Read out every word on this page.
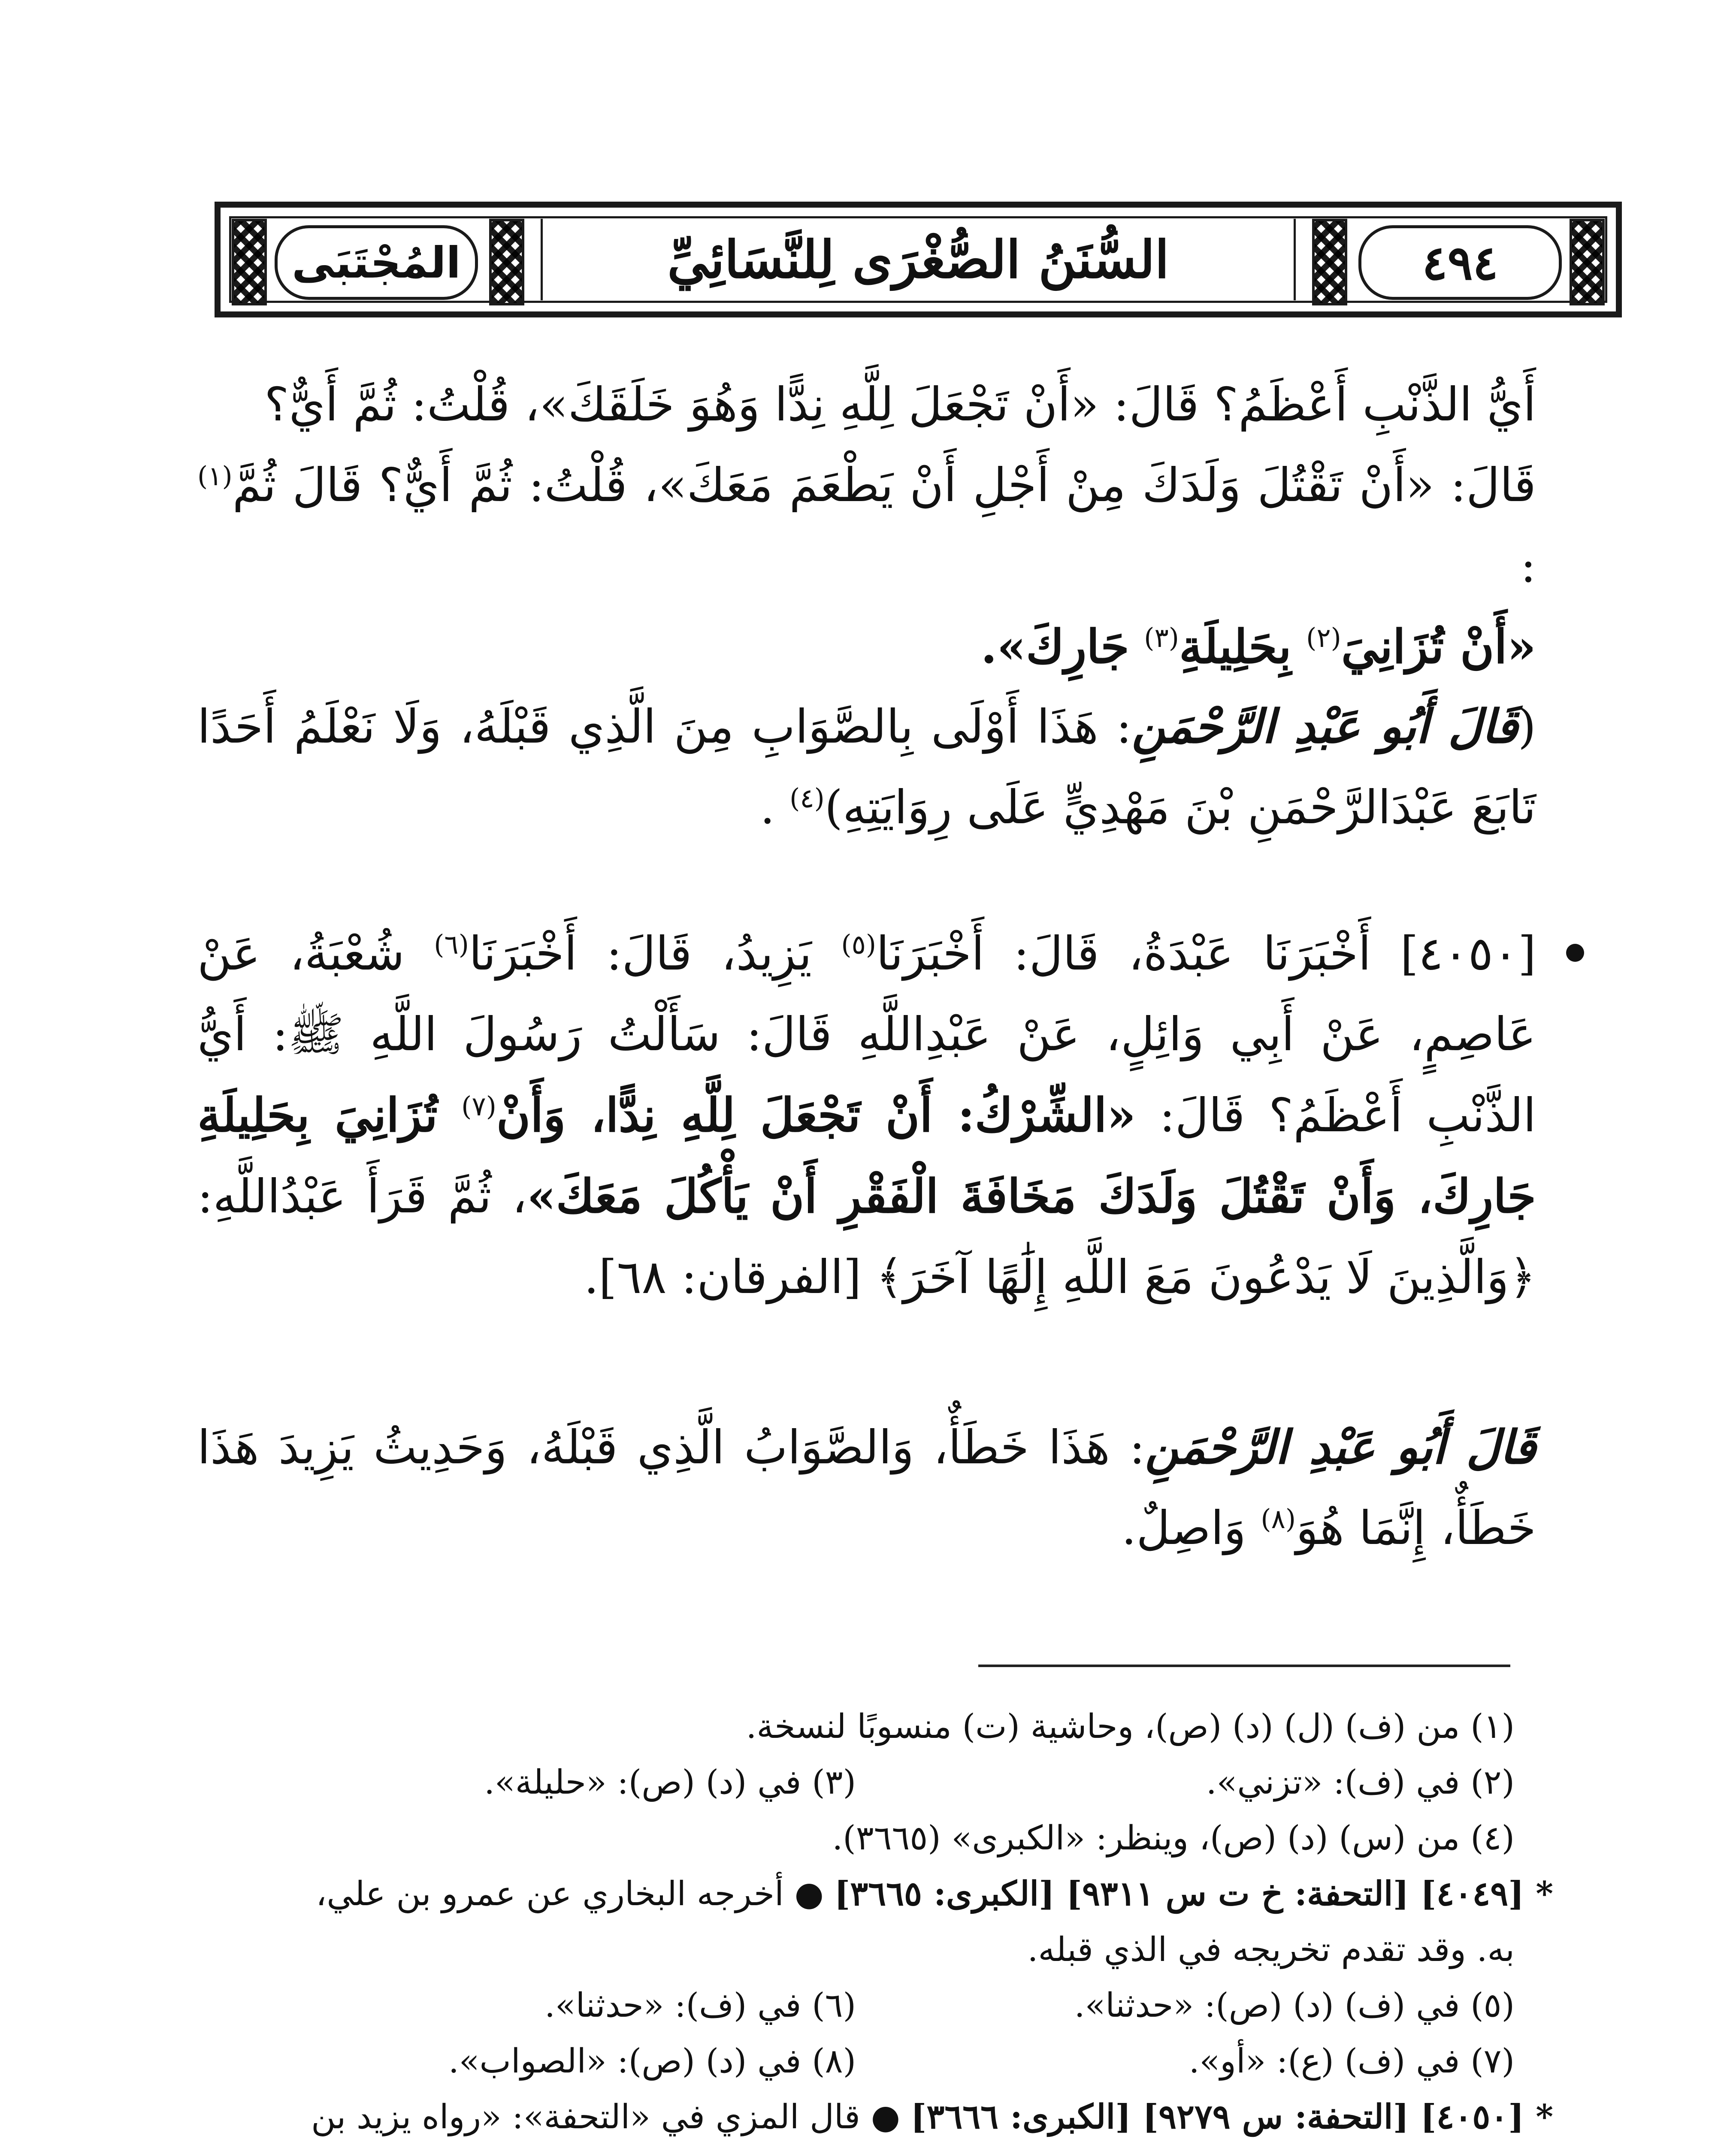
٤٩٤
السُّنَنُ الصُّغْرَى لِلنَّسَائِيِّ
المُجْتَبَى
أَيُّ الذَّنْبِ أَعْظَمُ؟ قَالَ: «أَنْ تَجْعَلَ لِلَّهِ نِدًّا وَهُوَ خَلَقَكَ»، قُلْتُ: ثُمَّ أَيٌّ؟
قَالَ: «أَنْ تَقْتُلَ وَلَدَكَ مِنْ أَجْلِ أَنْ يَطْعَمَ مَعَكَ»، قُلْتُ: ثُمَّ أَيٌّ؟ قَالَ ثُمَّ$^{(١)}$ :
«أَنْ تُزَانِيَ$^{(٢)}$ بِحَلِيلَةِ$^{(٣)}$ جَارِكَ».
(قَالَ أَبُو عَبْدِ الرَّحْمَنِ: هَذَا أَوْلَى بِالصَّوَابِ مِنَ الَّذِي قَبْلَهُ، وَلَا نَعْلَمُ أَحَدًا تَابَعَ عَبْدَالرَّحْمَنِ بْنَ مَهْدِيٍّ عَلَى رِوَايَتِهِ)$^{(٤)}$ .
[٤٠٥٠] أَخْبَرَنَا عَبْدَةُ، قَالَ: أَخْبَرَنَا$^{(٥)}$ يَزِيدُ، قَالَ: أَخْبَرَنَا$^{(٦)}$ شُعْبَةُ، عَنْ عَاصِمٍ، عَنْ أَبِي وَائِلٍ، عَنْ عَبْدِاللَّهِ قَالَ: سَأَلْتُ رَسُولَ اللَّهِ ﷺ: أَيُّ الذَّنْبِ أَعْظَمُ؟ قَالَ: «الشِّرْكُ: أَنْ تَجْعَلَ لِلَّهِ نِدًّا، وَأَنْ$^{(٧)}$ تُزَانِيَ بِحَلِيلَةِ جَارِكَ، وَأَنْ تَقْتُلَ وَلَدَكَ مَخَافَةَ الْفَقْرِ أَنْ يَأْكُلَ مَعَكَ»، ثُمَّ قَرَأَ عَبْدُاللَّهِ: ﴿وَالَّذِينَ لَا يَدْعُونَ مَعَ اللَّهِ إِلَٰهًا آخَرَ﴾ [الفرقان: ٦٨].
قَالَ أَبُو عَبْدِ الرَّحْمَنِ: هَذَا خَطَأٌ، وَالصَّوَابُ الَّذِي قَبْلَهُ، وَحَدِيثُ يَزِيدَ هَذَا خَطَأٌ، إِنَّمَا هُوَ$^{(٨)}$ وَاصِلٌ.
(١) من (ف) (ل) (د) (ص)، وحاشية (ت) منسوبًا لنسخة.
(٢) في (ف): «تزني».
(٣) في (د) (ص): «حليلة».
(٤) من (س) (د) (ص)، وينظر: «الكبرى» (٣٦٦٥).
* [٤٠٤٩] [التحفة: خ ت س ٩٣١١] [الكبرى: ٣٦٦٥] ● أخرجه البخاري عن عمرو بن علي،
به. وقد تقدم تخريجه في الذي قبله.
(٥) في (ف) (د) (ص): «حدثنا».
(٦) في (ف): «حدثنا».
(٧) في (ف) (ع): «أو».
(٨) في (د) (ص): «الصواب».
* [٤٠٥٠] [التحفة: س ٩٢٧٩] [الكبرى: ٣٦٦٦] ● قال المزي في «التحفة»: «رواه يزيد بن
